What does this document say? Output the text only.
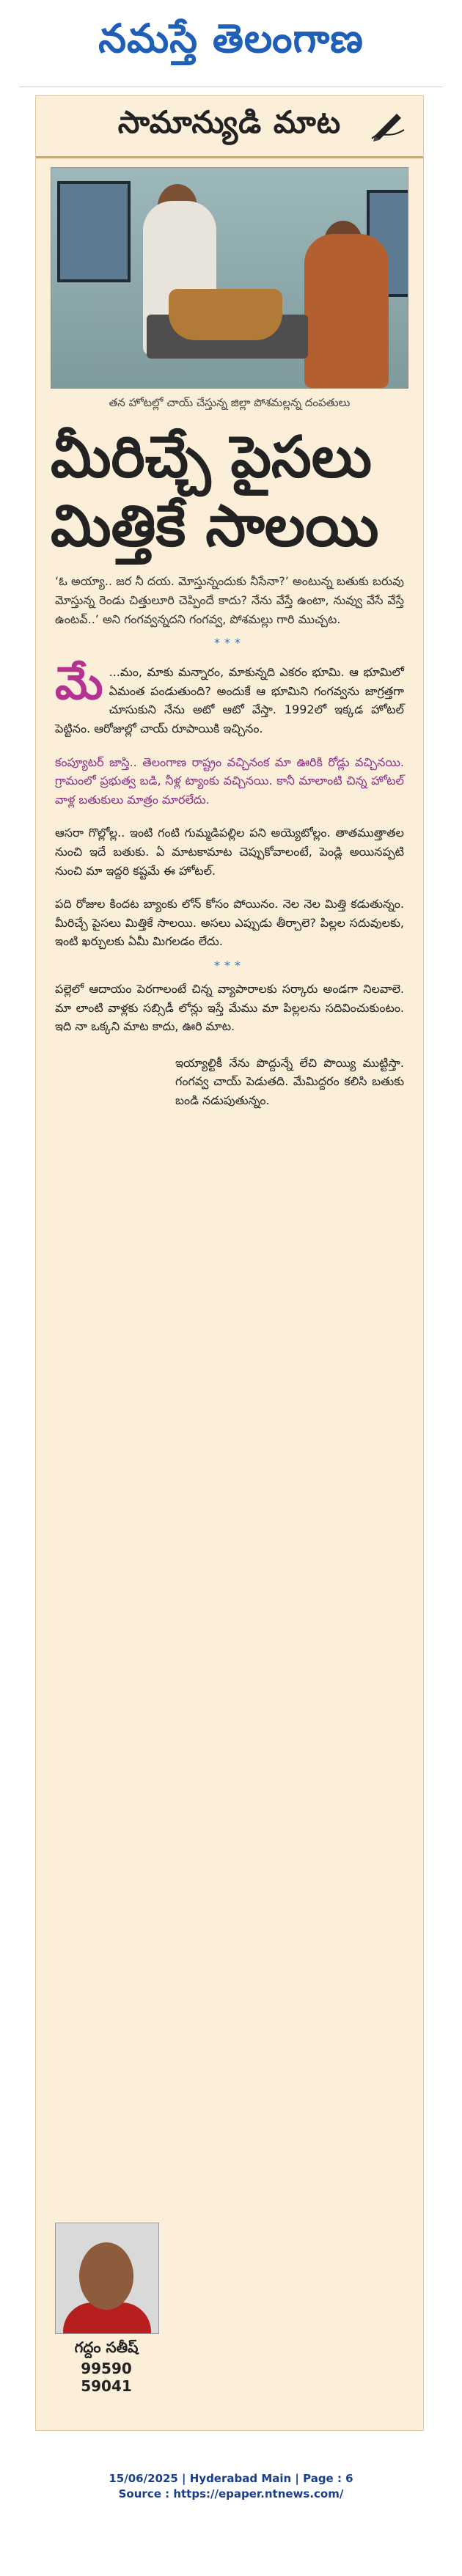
నమస్తే తెలంగాణ
సామాన్యుడి మాట
తన హోటల్లో చాయ్ చేస్తున్న జిల్లా పోశమల్లన్న దంపతులు
మీరిచ్చే పైసలు
మిత్తికే సాలయి
‘ఓ అయ్యా.. జర నీ దయ. మోస్తున్నందుకు నీసేనా?’ అంటున్న బతుకు బరువు మోస్తున్న రెండు చిత్తులూరి చెప్పిందే కాదు? నేను వేస్తే ఉంటా, నువ్వు వేసే వేస్తే ఉంటవ్..’ అని గంగవ్వన్నదని గంగవ్వ, పోశమల్లు గారి ముచ్చట.
***
మే ...మం, మాకు మన్నారం, మాకున్నది ఎకరం భూమి. ఆ భూమిలో ఏమంత పండుతుంది? అందుకే ఆ భూమిని గంగవ్వను జాగ్రత్తగా చూసుకుని నేను అటో ఆటో వేస్తా. 1992లో ఇక్కడ హోటల్ పెట్టినం. ఆరోజుల్లో చాయ్ రూపాయికి ఇచ్చినం.
కంప్యూటర్ జాస్తి.. తెలంగాణ రాష్ట్రం వచ్చినంక మా ఊరికి రోడ్లు వచ్చినయి. గ్రామంలో ప్రభుత్వ బడి, నీళ్ల ట్యాంకు వచ్చినయి. కానీ మాలాంటి చిన్న హోటల్ వాళ్ల బతుకులు మాత్రం మారలేదు.
ఆసరా గొల్లోల్ల.. ఇంటి గంటి గుమ్మడిపల్లిల పని అయ్యెటోల్లం. తాతముత్తాతల నుంచి ఇదే బతుకు. ఏ మాటకామాట చెప్పుకోవాలంటే, పెండ్లి అయినప్పటి నుంచి మా ఇద్దరి కష్టమే ఈ హోటల్.
పది రోజుల కిందట బ్యాంకు లోన్ కోసం పోయినం. నెల నెల మిత్తి కడుతున్నం. మీరిచ్చే పైసలు మిత్తికే సాలయి. అసలు ఎప్పుడు తీర్చాలె? పిల్లల సదువులకు, ఇంటి ఖర్చులకు ఏమీ మిగలడం లేదు.
***
పల్లెలో ఆదాయం పెరగాలంటే చిన్న వ్యాపారాలకు సర్కారు అండగా నిలవాలె. మా లాంటి వాళ్లకు సబ్సిడీ లోన్లు ఇస్తే మేము మా పిల్లలను సదివించుకుంటం. ఇది నా ఒక్కని మాట కాదు, ఊరి మాట.
ఇయ్యాల్టికీ నేను పొద్దున్నే లేచి పొయ్యి ముట్టిస్తా. గంగవ్వ చాయ్ పెడుతది. మేమిద్దరం కలిసి బతుకు బండి నడుపుతున్నం.
గద్దం సతీష్
99590 59041
15/06/2025 | Hyderabad Main | Page : 6
Source : https://epaper.ntnews.com/
